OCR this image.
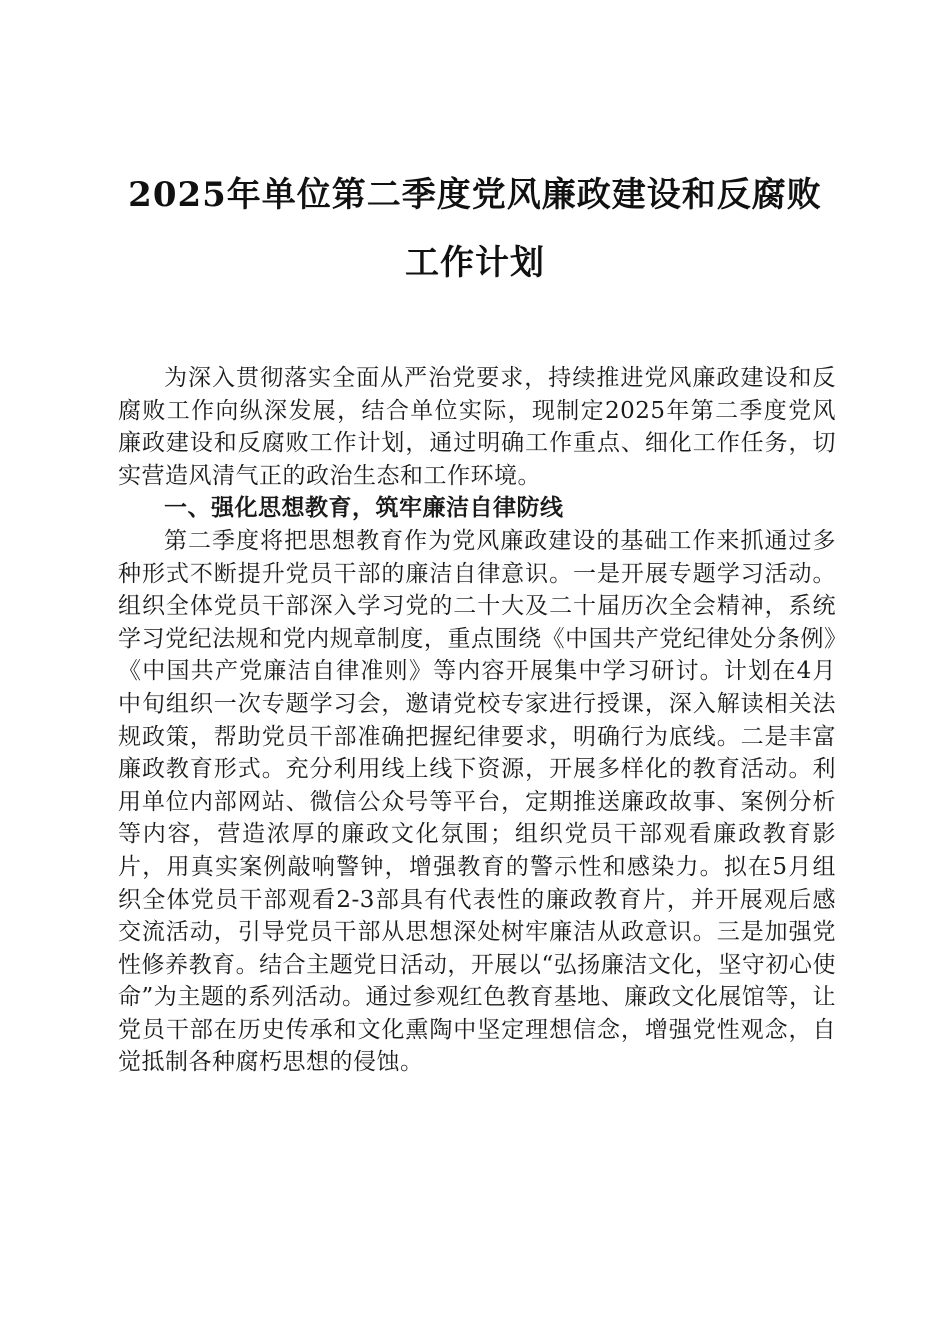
2025年单位第二季度党风廉政建设和反腐败
工作计划

为深入贯彻落实全面从严治党要求，持续推进党风廉政建设和反腐败工作向纵深发展，结合单位实际，现制定2025年第二季度党风廉政建设和反腐败工作计划，通过明确工作重点、细化工作任务，切实营造风清气正的政治生态和工作环境。

一、强化思想教育，筑牢廉洁自律防线

第二季度将把思想教育作为党风廉政建设的基础工作来抓通过多种形式不断提升党员干部的廉洁自律意识。一是开展专题学习活动。组织全体党员干部深入学习党的二十大及二十届历次全会精神，系统学习党纪法规和党内规章制度，重点围绕《中国共产党纪律处分条例》《中国共产党廉洁自律准则》等内容开展集中学习研讨。计划在4月中旬组织一次专题学习会，邀请党校专家进行授课，深入解读相关法规政策，帮助党员干部准确把握纪律要求，明确行为底线。二是丰富廉政教育形式。充分利用线上线下资源，开展多样化的教育活动。利用单位内部网站、微信公众号等平台，定期推送廉政故事、案例分析等内容，营造浓厚的廉政文化氛围；组织党员干部观看廉政教育影片，用真实案例敲响警钟，增强教育的警示性和感染力。拟在5月组织全体党员干部观看2-3部具有代表性的廉政教育片，并开展观后感交流活动，引导党员干部从思想深处树牢廉洁从政意识。三是加强党性修养教育。结合主题党日活动，开展以“弘扬廉洁文化，坚守初心使命”为主题的系列活动。通过参观红色教育基地、廉政文化展馆等，让党员干部在历史传承和文化熏陶中坚定理想信念，增强党性观念，自觉抵制各种腐朽思想的侵蚀。
